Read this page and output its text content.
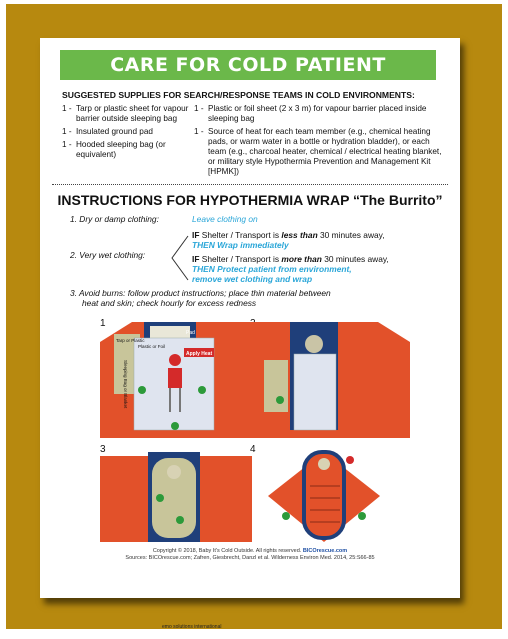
CARE FOR COLD PATIENT
SUGGESTED SUPPLIES FOR SEARCH/RESPONSE TEAMS IN COLD ENVIRONMENTS:
1 - Tarp or plastic sheet for vapour barrier outside sleeping bag
1 - Insulated ground pad
1 - Hooded sleeping bag (or equivalent)
1 - Plastic or foil sheet (2 x 3 m) for vapour barrier placed inside sleeping bag
1 - Source of heat for each team member (e.g., chemical heating pads, or warm water in a bottle or hydration bladder), or each team (e.g., charcoal heater, chemical / electrical heating blanket, or military style Hypothermia Prevention and Management Kit [HPMK])
INSTRUCTIONS FOR HYPOTHERMIA WRAP “The Burrito”
1. Dry or damp clothing:	Leave clothing on
2. Very wet clothing:
IF Shelter / Transport is less than 30 minutes away,
THEN Wrap immediately
IF Shelter / Transport is more than 30 minutes away,
THEN Protect patient from environment,
remove wet clothing and wrap
3. Avoid burns: follow product instructions; place thin material between
heat and skin; check hourly for excess redness
1
Apply Heat
Pad
Tarp or Plastic
Plastic or Foil
Sleeping Bag or Blanket
3	4
Copyright © 2018, Baby It's Cold Outside. All rights reserved. BICOrescue.com
Sources: BICOrescue.com; Zafren, Giesbrecht, Danzl et al. Wilderness Environ Med. 2014, 25:S66-85
emo solutions international
